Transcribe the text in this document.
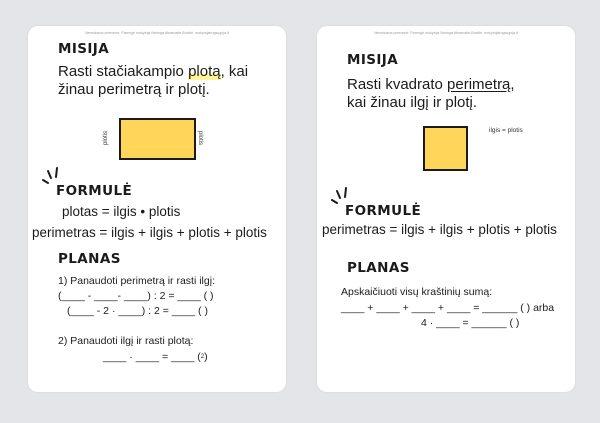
Nemokama priemonė. Parengė mokytoja Neringa Abramaitė-Butvilė, mokytojairugsugoja.lt
MISIJA
Rasti stačiakampio plotą, kai
žinau perimetrą ir plotį.
plotis	plotis
FORMULĖ
plotas = ilgis • plotis
perimetras = ilgis + ilgis + plotis + plotis
PLANAS
1) Panaudoti perimetrą ir rasti ilgį:
(____ - ____- ____) : 2 = ____ ( )
(____ - 2 · ____) : 2 = ____ ( )
2) Panaudoti ilgį ir rasti plotą:
____ · ____ = ____ ($^2$)
Nemokama priemonė. Parengė mokytoja Neringa Abramaitė-Butvilė, mokytojairugsugoja.lt
MISIJA
Rasti kvadrato perimetrą,
kai žinau ilgį ir plotį.
ilgis = plotis
FORMULĖ
perimetras = ilgis + ilgis + plotis + plotis
PLANAS
Apskaičiuoti visų kraštinių sumą:
____ + ____ + ____ + ____ = ______ ( ) arba
4 · ____ = ______ ( )
